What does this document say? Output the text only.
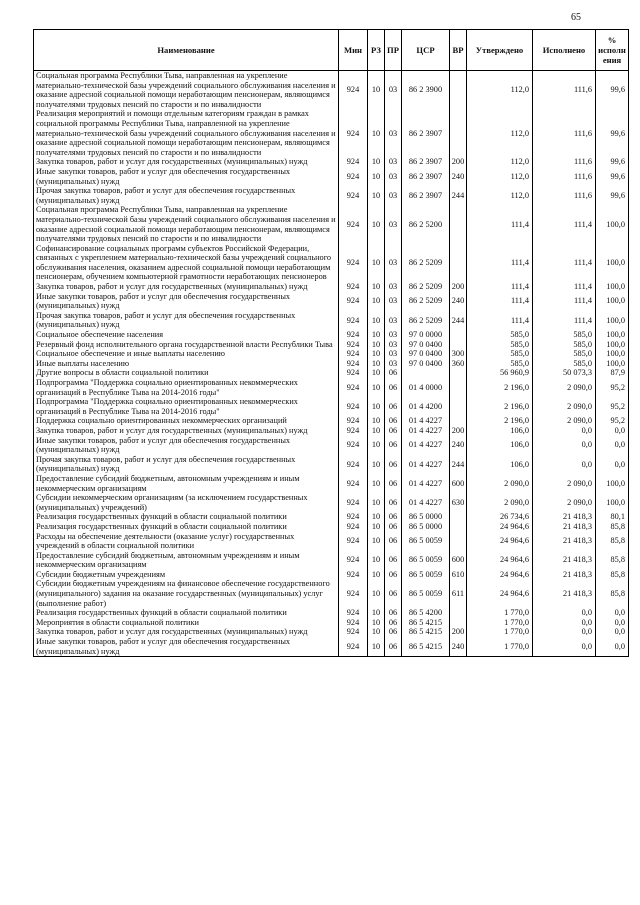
65
Наименование	Мин	РЗ	ПР	ЦСР	ВР	Утверждено	Исполнено	% исполн ения
Социальная программа Республики Тыва, направленная на укрепление материально-технической базы учреждений социального обслуживания населения и оказание адресной социальной помощи неработающим пенсионерам, являющимся получателями трудовых пенсий по старости и по инвалидности	924	10	03	86 2 3900		112,0	111,6	99,6
Реализация мероприятий и помощи отдельным категориям граждан в рамках социальной программы Республики Тыва, направленной на укрепление материально-технической базы учреждений социального обслуживания населения и оказание адресной социальной помощи неработающим пенсионерам, являющимся получателями трудовых пенсий по старости и по инвалидности	924	10	03	86 2 3907		112,0	111,6	99,6
Закупка товаров, работ и услуг для государственных (муниципальных) нужд	924	10	03	86 2 3907	200	112,0	111,6	99,6
Иные закупки товаров, работ и услуг для обеспечения государственных (муниципальных) нужд	924	10	03	86 2 3907	240	112,0	111,6	99,6
Прочая закупка товаров, работ и услуг для обеспечения государственных (муниципальных) нужд	924	10	03	86 2 3907	244	112,0	111,6	99,6
Социальная программа Республики Тыва, направленная на укрепление материально-технической базы учреждений социального обслуживания населения и оказание адресной социальной помощи неработающим пенсионерам, являющимся получателями трудовых пенсий по старости и по инвалидности	924	10	03	86 2 5200		111,4	111,4	100,0
Софинансирование социальных программ субъектов Российской Федерации, связанных с укреплением материально-технической базы учреждений социального обслуживания населения, оказанием адресной социальной помощи неработающим пенсионерам, обучением компьютерной грамотности неработающих пенсионеров	924	10	03	86 2 5209		111,4	111,4	100,0
Закупка товаров, работ и услуг для государственных (муниципальных) нужд	924	10	03	86 2 5209	200	111,4	111,4	100,0
Иные закупки товаров, работ и услуг для обеспечения государственных (муниципальных) нужд	924	10	03	86 2 5209	240	111,4	111,4	100,0
Прочая закупка товаров, работ и услуг для обеспечения государственных (муниципальных) нужд	924	10	03	86 2 5209	244	111,4	111,4	100,0
Социальное обеспечение населения	924	10	03	97 0 0000		585,0	585,0	100,0
Резервный фонд исполнительного органа государственной власти Республики Тыва	924	10	03	97 0 0400		585,0	585,0	100,0
Социальное обеспечение и иные выплаты населению	924	10	03	97 0 0400	300	585,0	585,0	100,0
Иные выплаты населению	924	10	03	97 0 0400	360	585,0	585,0	100,0
Другие вопросы в области социальной политики	924	10	06			56 960,9	50 073,3	87,9
Подпрограмма "Поддержка социально ориентированных некоммерческих организаций в Республике Тыва на 2014-2016 годы"	924	10	06	01 4 0000		2 196,0	2 090,0	95,2
Подпрограмма "Поддержка социально ориентированных некоммерческих организаций в Республике Тыва на 2014-2016 годы"	924	10	06	01 4 4200		2 196,0	2 090,0	95,2
Поддержка социально ориентированных некоммерческих организаций	924	10	06	01 4 4227		2 196,0	2 090,0	95,2
Закупка товаров, работ и услуг для государственных (муниципальных) нужд	924	10	06	01 4 4227	200	106,0	0,0	0,0
Иные закупки товаров, работ и услуг для обеспечения государственных (муниципальных) нужд	924	10	06	01 4 4227	240	106,0	0,0	0,0
Прочая закупка товаров, работ и услуг для обеспечения государственных (муниципальных) нужд	924	10	06	01 4 4227	244	106,0	0,0	0,0
Предоставление субсидий бюджетным, автономным учреждениям и иным некоммерческим организациям	924	10	06	01 4 4227	600	2 090,0	2 090,0	100,0
Субсидии некоммерческим организациям (за исключением государственных (муниципальных) учреждений)	924	10	06	01 4 4227	630	2 090,0	2 090,0	100,0
Реализация государственных функций в области социальной политики	924	10	06	86 5 0000		26 734,6	21 418,3	80,1
Реализация государственных функций в области социальной политики	924	10	06	86 5 0000		24 964,6	21 418,3	85,8
Расходы на обеспечение деятельности (оказание услуг) государственных учреждений в области социальной политики	924	10	06	86 5 0059		24 964,6	21 418,3	85,8
Предоставление субсидий бюджетным, автономным учреждениям и иным некоммерческим организациям	924	10	06	86 5 0059	600	24 964,6	21 418,3	85,8
Субсидии бюджетным учреждениям	924	10	06	86 5 0059	610	24 964,6	21 418,3	85,8
Субсидии бюджетным учреждениям на финансовое обеспечение государственного (муниципального) задания на оказание государственных (муниципальных) услуг (выполнение работ)	924	10	06	86 5 0059	611	24 964,6	21 418,3	85,8
Реализация государственных функций в области социальной политики	924	10	06	86 5 4200		1 770,0	0,0	0,0
Мероприятия в области социальной политики	924	10	06	86 5 4215		1 770,0	0,0	0,0
Закупка товаров, работ и услуг для государственных (муниципальных) нужд	924	10	06	86 5 4215	200	1 770,0	0,0	0,0
Иные закупки товаров, работ и услуг для обеспечения государственных (муниципальных) нужд	924	10	06	86 5 4215	240	1 770,0	0,0	0,0
